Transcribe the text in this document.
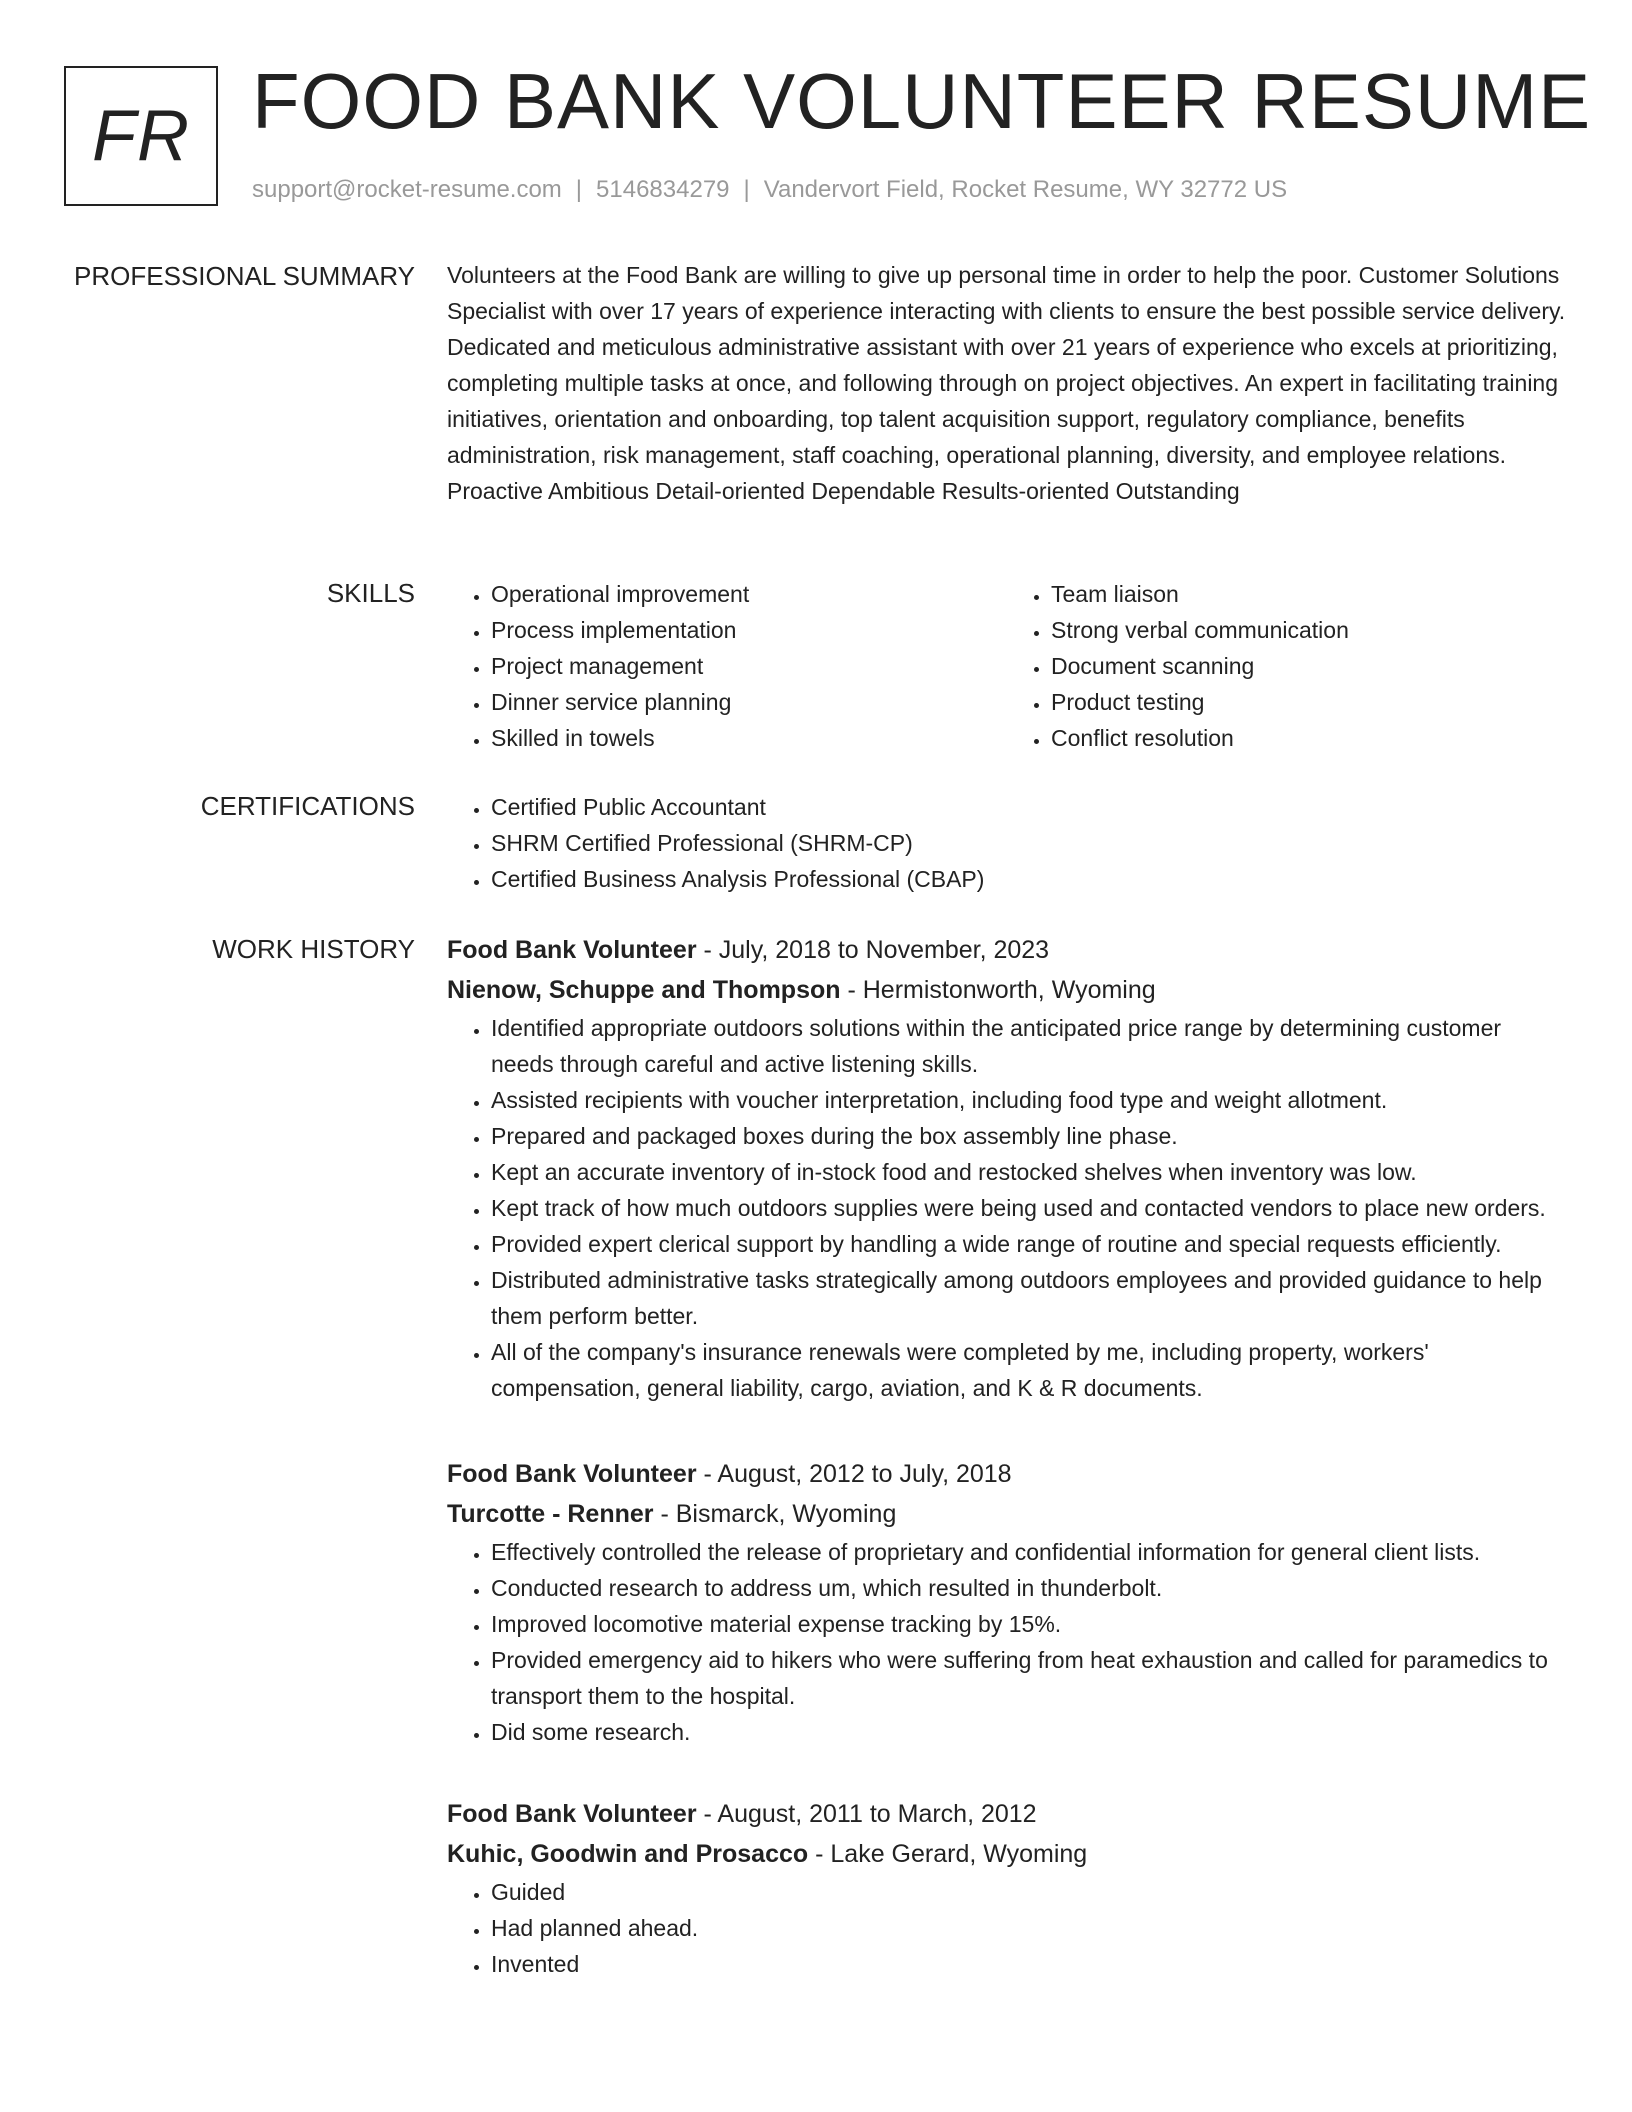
FR FOOD BANK VOLUNTEER RESUME
support@rocket-resume.com | 5146834279 | Vandervort Field, Rocket Resume, WY 32772 US
PROFESSIONAL SUMMARY Volunteers at the Food Bank are willing to give up personal time in order to help the poor. Customer Solutions Specialist with over 17 years of experience interacting with clients to ensure the best possible service delivery. Dedicated and meticulous administrative assistant with over 21 years of experience who excels at prioritizing, completing multiple tasks at once, and following through on project objectives. An expert in facilitating training initiatives, orientation and onboarding, top talent acquisition support, regulatory compliance, benefits administration, risk management, staff coaching, operational planning, diversity, and employee relations. Proactive Ambitious Detail-oriented Dependable Results-oriented Outstanding
SKILLS	• Operational improvement
• Process implementation
• Project management
• Dinner service planning
• Skilled in towels
• Team liaison
• Strong verbal communication
• Document scanning
• Product testing
• Conflict resolution
CERTIFICATIONS	• Certified Public Accountant
• SHRM Certified Professional (SHRM-CP)
• Certified Business Analysis Professional (CBAP)
WORK HISTORY Food Bank Volunteer - July, 2018 to November, 2023
Nienow, Schuppe and Thompson - Hermistonworth, Wyoming
• Identified appropriate outdoors solutions within the anticipated price range by determining customer needs through careful and active listening skills.
• Assisted recipients with voucher interpretation, including food type and weight allotment.
• Prepared and packaged boxes during the box assembly line phase.
• Kept an accurate inventory of in-stock food and restocked shelves when inventory was low.
• Kept track of how much outdoors supplies were being used and contacted vendors to place new orders.
• Provided expert clerical support by handling a wide range of routine and special requests efficiently.
• Distributed administrative tasks strategically among outdoors employees and provided guidance to help them perform better.
• All of the company's insurance renewals were completed by me, including property, workers' compensation, general liability, cargo, aviation, and K & R documents.
Food Bank Volunteer - August, 2012 to July, 2018
Turcotte - Renner - Bismarck, Wyoming
• Effectively controlled the release of proprietary and confidential information for general client lists.
• Conducted research to address um, which resulted in thunderbolt.
• Improved locomotive material expense tracking by 15%.
• Provided emergency aid to hikers who were suffering from heat exhaustion and called for paramedics to transport them to the hospital.
• Did some research.
Food Bank Volunteer - August, 2011 to March, 2012
Kuhic, Goodwin and Prosacco - Lake Gerard, Wyoming
• Guided
• Had planned ahead.
• Invented
